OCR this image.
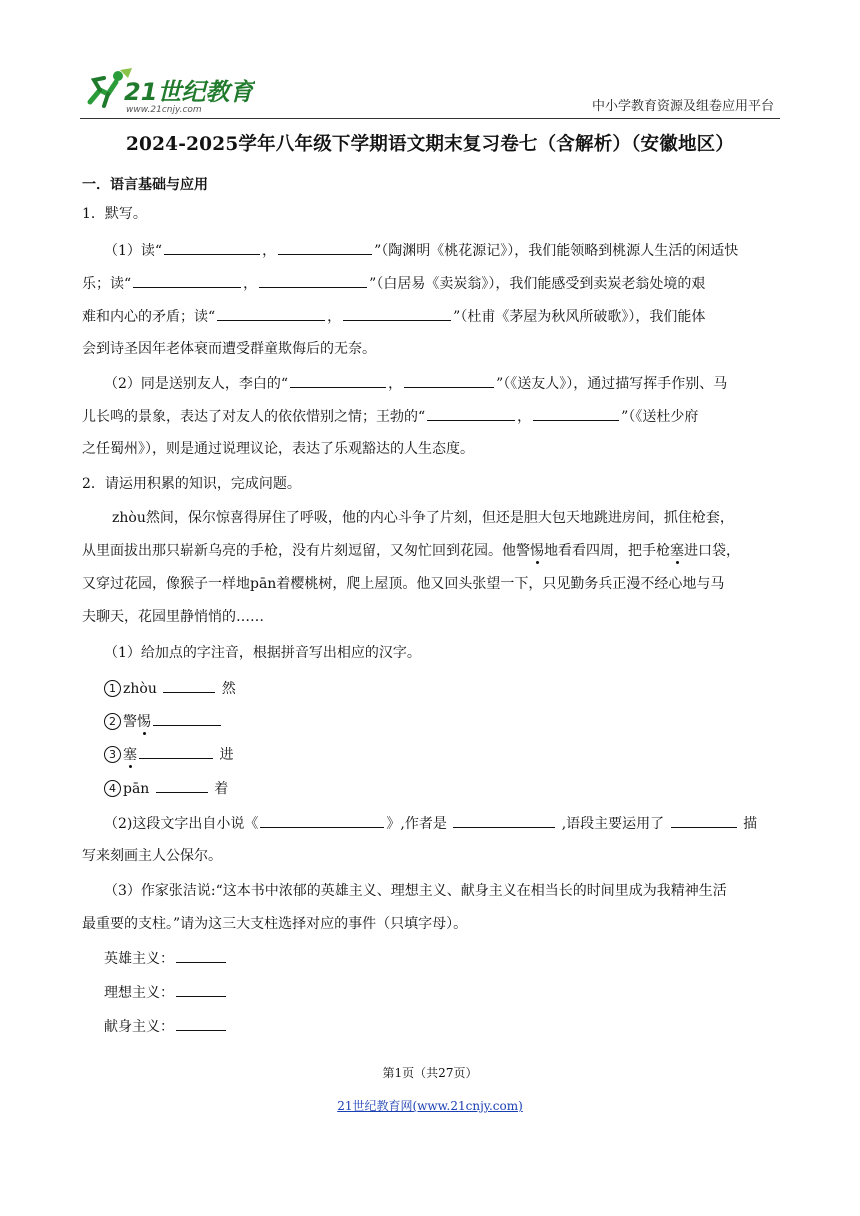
21世纪教育
www.21cnjy.com	中小学教育资源及组卷应用平台
2024-2025学年八年级下学期语文期末复习卷七（含解析）（安徽地区）
一．语言基础与应用
1．默写。
（1）读“	，	”（陶渊明《桃花源记》），我们能领略到桃源人生活的闲适快
乐；读“	，	”（白居易《卖炭翁》），我们能感受到卖炭老翁处境的艰
难和内心的矛盾；读“	，	”（杜甫《茅屋为秋风所破歌》），我们能体
会到诗圣因年老体衰而遭受群童欺侮后的无奈。
（2）同是送别友人，李白的“	，	”（《送友人》），通过描写挥手作别、马
儿长鸣的景象，表达了对友人的依依惜别之情；王勃的“	，	”（《送杜少府
之任蜀州》），则是通过说理议论，表达了乐观豁达的人生态度。
2．请运用积累的知识，完成问题。
zhòu然间，保尔惊喜得屏住了呼吸，他的内心斗争了片刻，但还是胆大包天地跳进房间，抓住枪套，
从里面拔出那只崭新乌亮的手枪，没有片刻逗留，又匆忙回到花园。他警惕地看看四周，把手枪塞进口袋，
又穿过花园，像猴子一样地pān着樱桃树，爬上屋顶。他又回头张望一下，只见勤务兵正漫不经心地与马
夫聊天，花园里静悄悄的……
（1）给加点的字注音，根据拼音写出相应的汉字。
1 zhòu	然
2 警惕
3 塞	进
4 pān	着
（2)这段文字出自小说《	》,作者是	,语段主要运用了	描
写来刻画主人公保尔。
（3）作家张洁说:“这本书中浓郁的英雄主义、理想主义、献身主义在相当长的时间里成为我精神生活
最重要的支柱。”请为这三大支柱选择对应的事件（只填字母）。
英雄主义：
理想主义：
献身主义：
第1页（共27页）
21世纪教育网(www.21cnjy.com)
